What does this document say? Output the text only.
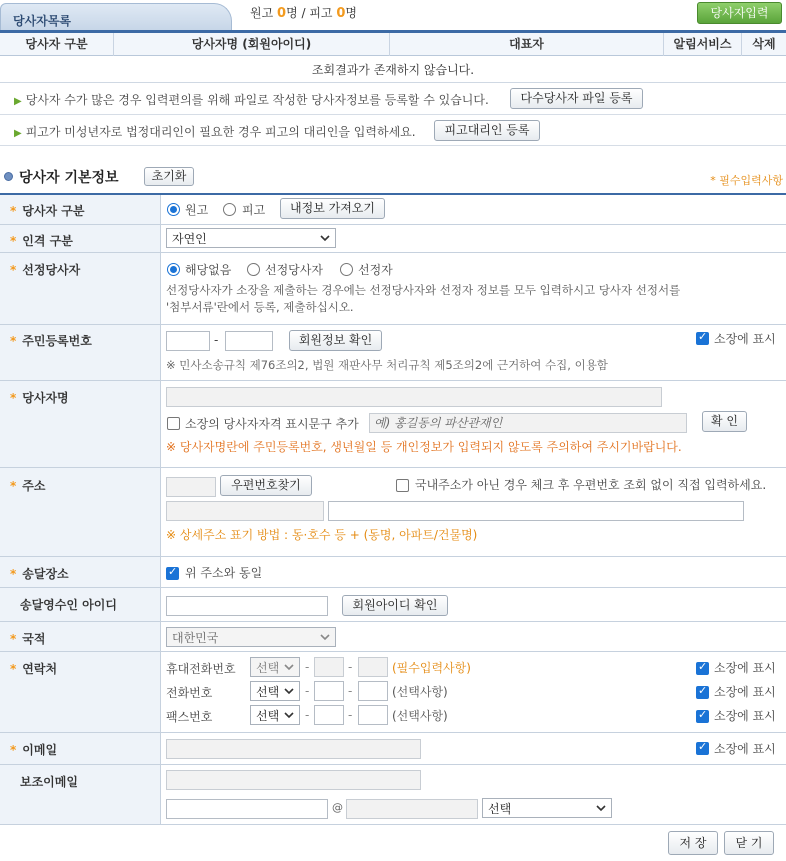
당사자목록
원고 0명 / 피고 0명	당사자입력
당사자 구분	당사자명 (회원아이디)	대표자	알림서비스	삭제
조회결과가 존재하지 않습니다.
▶ 당사자 수가 많은 경우 입력편의를 위해 파일로 작성한 당사자정보를 등록할 수 있습니다.	다수당사자 파일 등록
▶ 피고가 미성년자로 법정대리인이 필요한 경우 피고의 대리인을 입력하세요.	피고대리인 등록
당사자 기본정보	초기화	* 필수입력사항
* 당사자 구분	원고	피고	내정보 가져오기
* 인격 구분	자연인
* 선정당사자	해당없음	선정당사자	선정자
선정당사자가 소장을 제출하는 경우에는 선정당사자와 선정자 정보를 모두 입력하시고 당사자 선정서를
'첨부서류'란에서 등록, 제출하십시오.
* 주민등록번호	-	회원정보 확인 ✓	소장에 표시
※ 민사소송규칙 제76조의2, 법원 재판사무 처리규칙 제5조의2에 근거하여 수집, 이용함
* 당사자명
소장의 당사자자격 표시문구 추가	예) 홍길동의 파산관재인	확 인
※ 당사자명란에 주민등록번호, 생년월일 등 개인정보가 입력되지 않도록 주의하여 주시기바랍니다.
* 주소	우편번호찾기	국내주소가 아닌 경우 체크 후 우편번호 조회 없이 직접 입력하세요.
※ 상세주소 표기 방법 : 동·호수 등 + (동명, 아파트/건물명)
* 송달장소 ✓	위 주소와 동일
송달영수인 아이디	회원아이디 확인
* 국적	대한민국
* 연락처	휴대전화번호	선택	-	-	(필수입력사항) ✓	소장에 표시
전화번호	선택	-	-	(선택사항) ✓	소장에 표시
팩스번호	선택	-	-	(선택사항) ✓	소장에 표시
* 이메일 ✓	소장에 표시
보조이메일
@	선택
저 장	닫 기
